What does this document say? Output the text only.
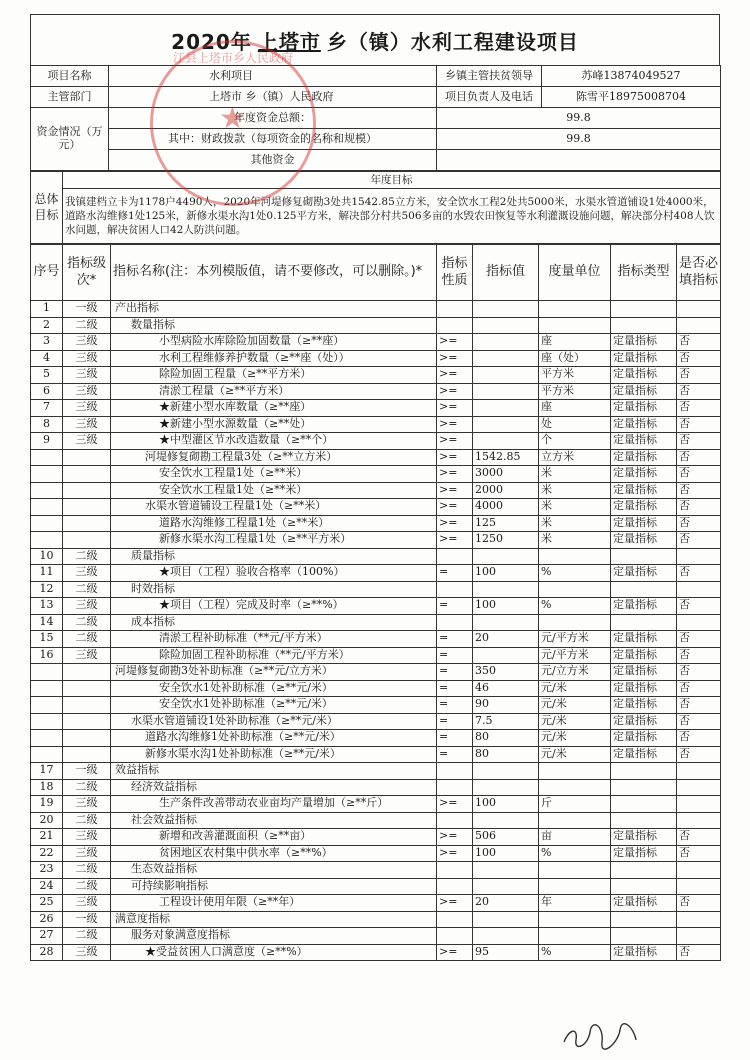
2020年 上塔市 乡（镇）水利工程建设项目
项目名称	水利项目	乡镇主管扶贫领导	苏峰13874049527
主管部门	上塔市 乡（镇）人民政府	项目负责人及电话	陈雪平18975008704
资金情况（万元）	年度资金总额：	99.8	
	其中：财政拨款（每项资金的名称和规模）	99.8	
	其他资金		
总体目标	年度目标
我镇建档立卡为1178户4490人，2020年河堤修复砌勘3处共1542.85立方米，安全饮水工程2处共5000米，水渠水管道铺设1处4000米，道路水沟维修1处125米，新修水渠水沟1处0.125平方米，解决部分村共506多亩的水毁农田恢复等水利灌溉设施问题，解决部分村408人饮水问题，解决贫困人口42人防洪问题。
序号	指标级次*	指标名称(注：本列模版值，请不要修改，可以删除。)*	指标性质	指标值	度量单位	指标类型	是否必填指标
1	一级	产出指标					
2	二级	数量指标					
3	三级	小型病险水库除险加固数量（≥**座）	>=		座	定量指标	否
4	三级	水利工程维修养护数量（≥**座（处））	>=		座（处）	定量指标	否
5	三级	除险加固工程量（≥**平方米）	>=		平方米	定量指标	否
6	三级	清淤工程量（≥**平方米）	>=		平方米	定量指标	否
7	三级	★新建小型水库数量（≥**座）	>=		座	定量指标	否
8	三级	★新建小型水源数量（≥**处）	>=		处	定量指标	否
9	三级	★中型灌区节水改造数量（≥**个）	>=		个	定量指标	否
		河堤修复砌勘工程量3处（≥**立方米）	>=	1542.85	立方米	定量指标	否
		安全饮水工程量1处（≥**米）	>=	3000	米	定量指标	否
		安全饮水工程量1处（≥**米）	>=	2000	米	定量指标	否
		水渠水管道铺设工程量1处（≥**米）	>=	4000	米	定量指标	否
		道路水沟维修工程量1处（≥**米）	>=	125	米	定量指标	否
		新修水渠水沟工程量1处（≥**平方米）	>=	1250	米	定量指标	否
10	二级	质量指标					
11	三级	★项目（工程）验收合格率（100%）	=	100	%	定量指标	否
12	二级	时效指标					
13	三级	★项目（工程）完成及时率（≥**%）	=	100	%	定量指标	否
14	二级	成本指标					
15	二级	清淤工程补助标准（**元/平方米）	=	20	元/平方米	定量指标	否
16	三级	除险加固工程补助标准（**元/平方米）	=		元/平方米	定量指标	否
		河堤修复砌勘3处补助标准（≥**元/立方米）	=	350	元/立方米	定量指标	否
		安全饮水1处补助标准（≥**元/米）	=	46	元/米	定量指标	否
		安全饮水1处补助标准（≥**元/米）	=	90	元/米	定量指标	否
		水渠水管道铺设1处补助标准（≥**元/米）	=	7.5	元/米	定量指标	否
		道路水沟维修1处补助标准（≥**元/米）	=	80	元/米	定量指标	否
		新修水渠水沟1处补助标准（≥**元/米）	=	80	元/米	定量指标	否
17	一级	效益指标					
18	二级	经济效益指标					
19	三级	生产条件改善带动农业亩均产量增加（≥**斤）	>=	100	斤		
20	二级	社会效益指标					
21	三级	新增和改善灌溉面积（≥**亩）	>=	506	亩	定量指标	否
22	三级	贫困地区农村集中供水率（≥**%）	>=	100	%	定量指标	否
23	二级	生态效益指标					
24	二级	可持续影响指标					
25	三级	工程设计使用年限（≥**年）	>=	20	年	定量指标	否
26	一级	满意度指标					
27	二级	服务对象满意度指标					
28	三级	★受益贫困人口满意度（≥**%）	>=	95	%	定量指标	否
江县上塔市乡人民政府
★
